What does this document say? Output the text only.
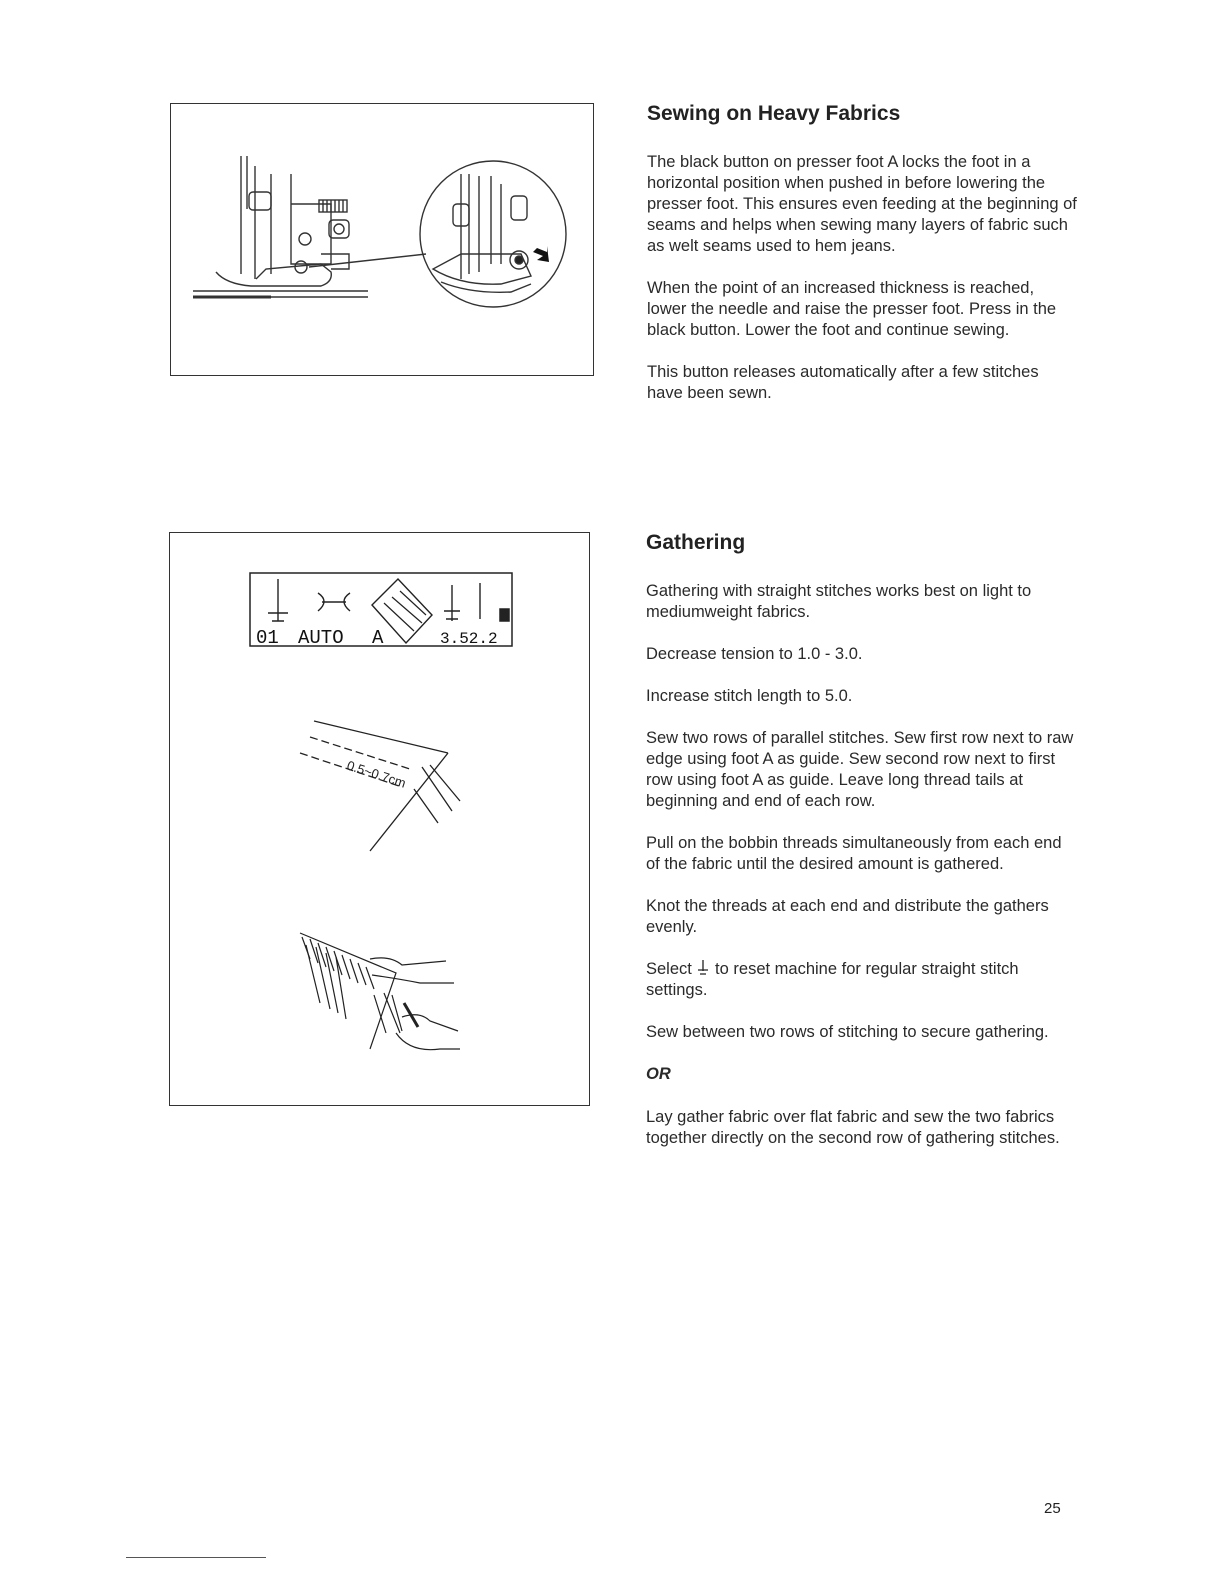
Sewing on Heavy Fabrics

The black button on presser foot A locks the foot in a horizontal position when pushed in before lowering the presser foot. This ensures even feeding at the beginning of seams and helps when sewing many layers of fabric such as welt seams used to hem jeans.

When the point of an increased thickness is reached, lower the needle and raise the presser foot. Press in the black button. Lower the foot and continue sewing.

This button releases automatically after a few stitches have been sewn.

01 AUTO A	3.52.2
0.5~0.7cm
Gathering

Gathering with straight stitches works best on light to mediumweight fabrics.

Decrease tension to 1.0 - 3.0.

Increase stitch length to 5.0.

Sew two rows of parallel stitches. Sew first row next to raw edge using foot A as guide. Sew second row next to first row using foot A as guide. Leave long thread tails at beginning and end of each row.

Pull on the bobbin threads simultaneously from each end of the fabric until the desired amount is gathered.

Knot the threads at each end and distribute the gathers evenly.

Select to reset machine for regular straight stitch settings.

Sew between two rows of stitching to secure gathering.

OR

Lay gather fabric over flat fabric and sew the two fabrics together directly on the second row of gathering stitches.

25
